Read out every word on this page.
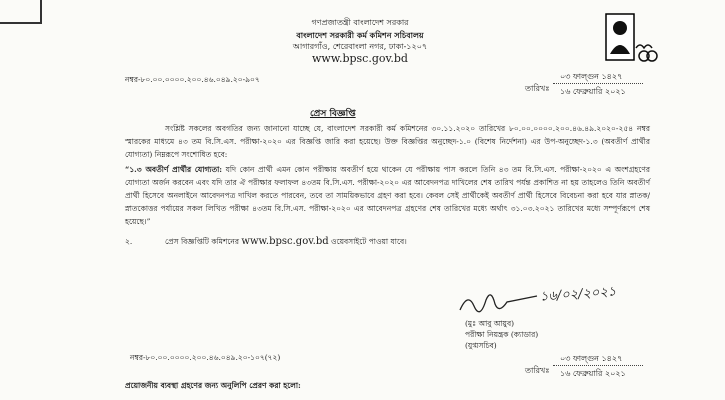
গণপ্রজাতন্ত্রী বাংলাদেশ সরকার
বাংলাদেশ সরকারী কর্ম কমিশন সচিবালয়
আগারগাঁও, শেরেবাংলা নগর, ঢাকা-১২০৭
www.bpsc.gov.bd
নম্বর-৮০.০০.০০০০.২০০.৪৬.০৪৯.২০-৯০৭
তারিখঃ
০৩ ফাল্গুন ১৪২৭
১৬ ফেব্রুয়ারি ২০২১
প্রেস বিজ্ঞপ্তি
সংশ্লিষ্ট সকলের অবগতির জন্য জানানো যাচ্ছে যে, বাংলাদেশ সরকারী কর্ম কমিশনের ৩০.১১.২০২০ তারিখের ৮০.০০.০০০০.২০০.৪৬.৪৯.২০২০-২৫৪ নম্বর স্মারকের মাধ্যমে ৪৩ তম বি.সি.এস. পরীক্ষা-২০২০ এর বিজ্ঞপ্তি জারি করা হয়েছে। উক্ত বিজ্ঞপ্তির অনুচ্ছেদ-১.০ (বিশেষ নির্দেশনা) এর উপ-অনুচ্ছেদ-১.৩ (অবতীর্ণ প্রার্থীর যোগ্যতা) নিম্নরূপে সংশোধিত হবে:
“১.৩ অবতীর্ণ প্রার্থীর যোগ্যতা: যদি কোন প্রার্থী এমন কোন পরীক্ষায় অবতীর্ণ হয়ে থাকেন যে পরীক্ষায় পাস করলে তিনি ৪৩ তম বি.সি.এস. পরীক্ষা-২০২০ এ অংশগ্রহণের যোগ্যতা অর্জন করবেন এবং যদি তার ঐ পরীক্ষার ফলাফল ৪৩তম বি.সি.এস. পরীক্ষা-২০২০ এর আবেদনপত্র দাখিলের শেষ তারিখ পর্যন্ত প্রকাশিত না হয় তাহলেও তিনি অবতীর্ণ প্রার্থী হিসেবে অনলাইনে আবেদনপত্র দাখিল করতে পারবেন, তবে তা সাময়িকভাবে গ্রহণ করা হবে। কেবল সেই প্রার্থীকেই অবতীর্ণ প্রার্থী হিসেবে বিবেচনা করা হবে যার স্নাতক/স্নাতকোত্তর পর্যায়ের সকল লিখিত পরীক্ষা ৪৩তম বি.সি.এস. পরীক্ষা-২০২০ এর আবেদনপত্র গ্রহণের শেষ তারিখের মধ্যে অর্থাৎ ৩১.০৩.২০২১ তারিখের মধ্যে সম্পূর্ণরূপে শেষ হয়েছে।”
২.	প্রেস বিজ্ঞপ্তিটি কমিশনের www.bpsc.gov.bd ওয়েবসাইটে পাওয়া যাবে।
১৬/০২/২০২১
(মুঃ আবু আয়ুব)
পরীক্ষা নিয়ন্ত্রক (ক্যাডার)
(যুগ্মসচিব)
নম্বর-৮০.০০.০০০০.২০০.৪৬.০৪৯.২০-১০৭(৭২)
তারিখঃ
০৩ ফাল্গুন ১৪২৭
১৬ ফেব্রুয়ারি ২০২১
প্রয়োজনীয় ব্যবস্থা গ্রহণের জন্য অনুলিপি প্রেরণ করা হলো:
